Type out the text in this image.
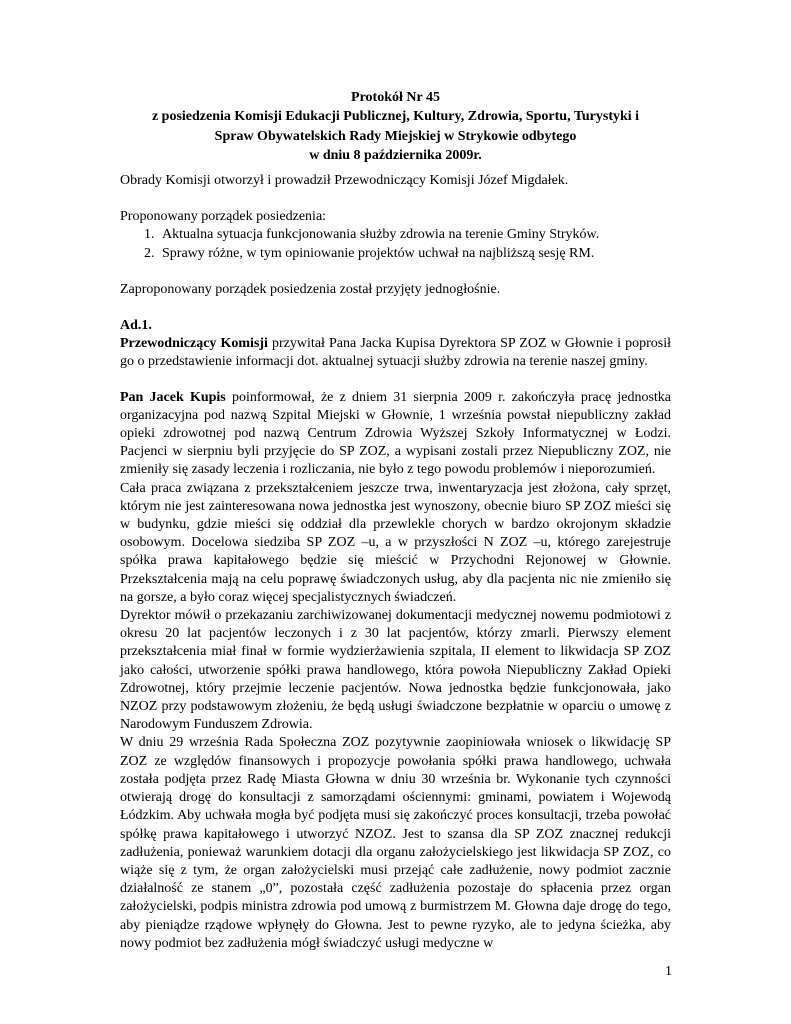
Protokół Nr 45
z posiedzenia Komisji Edukacji Publicznej, Kultury, Zdrowia, Sportu, Turystyki i
Spraw Obywatelskich Rady Miejskiej w Strykowie odbytego
w dniu 8 października 2009r.

Obrady Komisji otworzył i prowadził Przewodniczący Komisji Józef Migdałek.

Proponowany porządek posiedzenia:

1. Aktualna sytuacja funkcjonowania służby zdrowia na terenie Gminy Stryków.
2. Sprawy różne, w tym opiniowanie projektów uchwał na najbliższą sesję RM.

Zaproponowany porządek posiedzenia został przyjęty jednogłośnie.

Ad.1.

Przewodniczący Komisji przywitał Pana Jacka Kupisa Dyrektora SP ZOZ w Głownie i poprosił go o przedstawienie informacji dot. aktualnej sytuacji służby zdrowia na terenie naszej gminy.

Pan Jacek Kupis poinformował, że z dniem 31 sierpnia 2009 r. zakończyła pracę jednostka organizacyjna pod nazwą Szpital Miejski w Głownie, 1 września powstał niepubliczny zakład opieki zdrowotnej pod nazwą Centrum Zdrowia Wyższej Szkoły Informatycznej w Łodzi. Pacjenci w sierpniu byli przyjęcie do SP ZOZ, a wypisani zostali przez Niepubliczny ZOZ, nie zmieniły się zasady leczenia i rozliczania, nie było z tego powodu problemów i nieporozumień.

Cała praca związana z przekształceniem jeszcze trwa, inwentaryzacja jest złożona, cały sprzęt, którym nie jest zainteresowana nowa jednostka jest wynoszony, obecnie biuro SP ZOZ mieści się w budynku, gdzie mieści się oddział dla przewlekle chorych w bardzo okrojonym składzie osobowym. Docelowa siedziba SP ZOZ –u, a w przyszłości N ZOZ –u, którego zarejestruje spółka prawa kapitałowego będzie się mieścić w Przychodni Rejonowej w Głownie. Przekształcenia mają na celu poprawę świadczonych usług, aby dla pacjenta nic nie zmieniło się na gorsze, a było coraz więcej specjalistycznych świadczeń.

Dyrektor mówił o przekazaniu zarchiwizowanej dokumentacji medycznej nowemu podmiotowi z okresu 20 lat pacjentów leczonych i z 30 lat pacjentów, którzy zmarli. Pierwszy element przekształcenia miał finał w formie wydzierżawienia szpitala, II element to likwidacja SP ZOZ jako całości, utworzenie spółki prawa handlowego, która powoła Niepubliczny Zakład Opieki Zdrowotnej, który przejmie leczenie pacjentów. Nowa jednostka będzie funkcjonowała, jako NZOZ przy podstawowym złożeniu, że będą usługi świadczone bezpłatnie w oparciu o umowę z Narodowym Funduszem Zdrowia.

W dniu 29 września Rada Społeczna ZOZ pozytywnie zaopiniowała wniosek o likwidację SP ZOZ ze względów finansowych i propozycje powołania spółki prawa handlowego, uchwała została podjęta przez Radę Miasta Głowna w dniu 30 września br. Wykonanie tych czynności otwierają drogę do konsultacji z samorządami ościennymi: gminami, powiatem i Wojewodą Łódzkim. Aby uchwała mogła być podjęta musi się zakończyć proces konsultacji, trzeba powołać spółkę prawa kapitałowego i utworzyć NZOZ. Jest to szansa dla SP ZOZ znacznej redukcji zadłużenia, ponieważ warunkiem dotacji dla organu założycielskiego jest likwidacja SP ZOZ, co wiąże się z tym, że organ założycielski musi przejąć całe zadłużenie, nowy podmiot zacznie działalność ze stanem „0”, pozostała część zadłużenia pozostaje do spłacenia przez organ założycielski, podpis ministra zdrowia pod umową z burmistrzem M. Głowna daje drogę do tego, aby pieniądze rządowe wpłynęły do Głowna. Jest to pewne ryzyko, ale to jedyna ścieżka, aby nowy podmiot bez zadłużenia mógł świadczyć usługi medyczne w

1
